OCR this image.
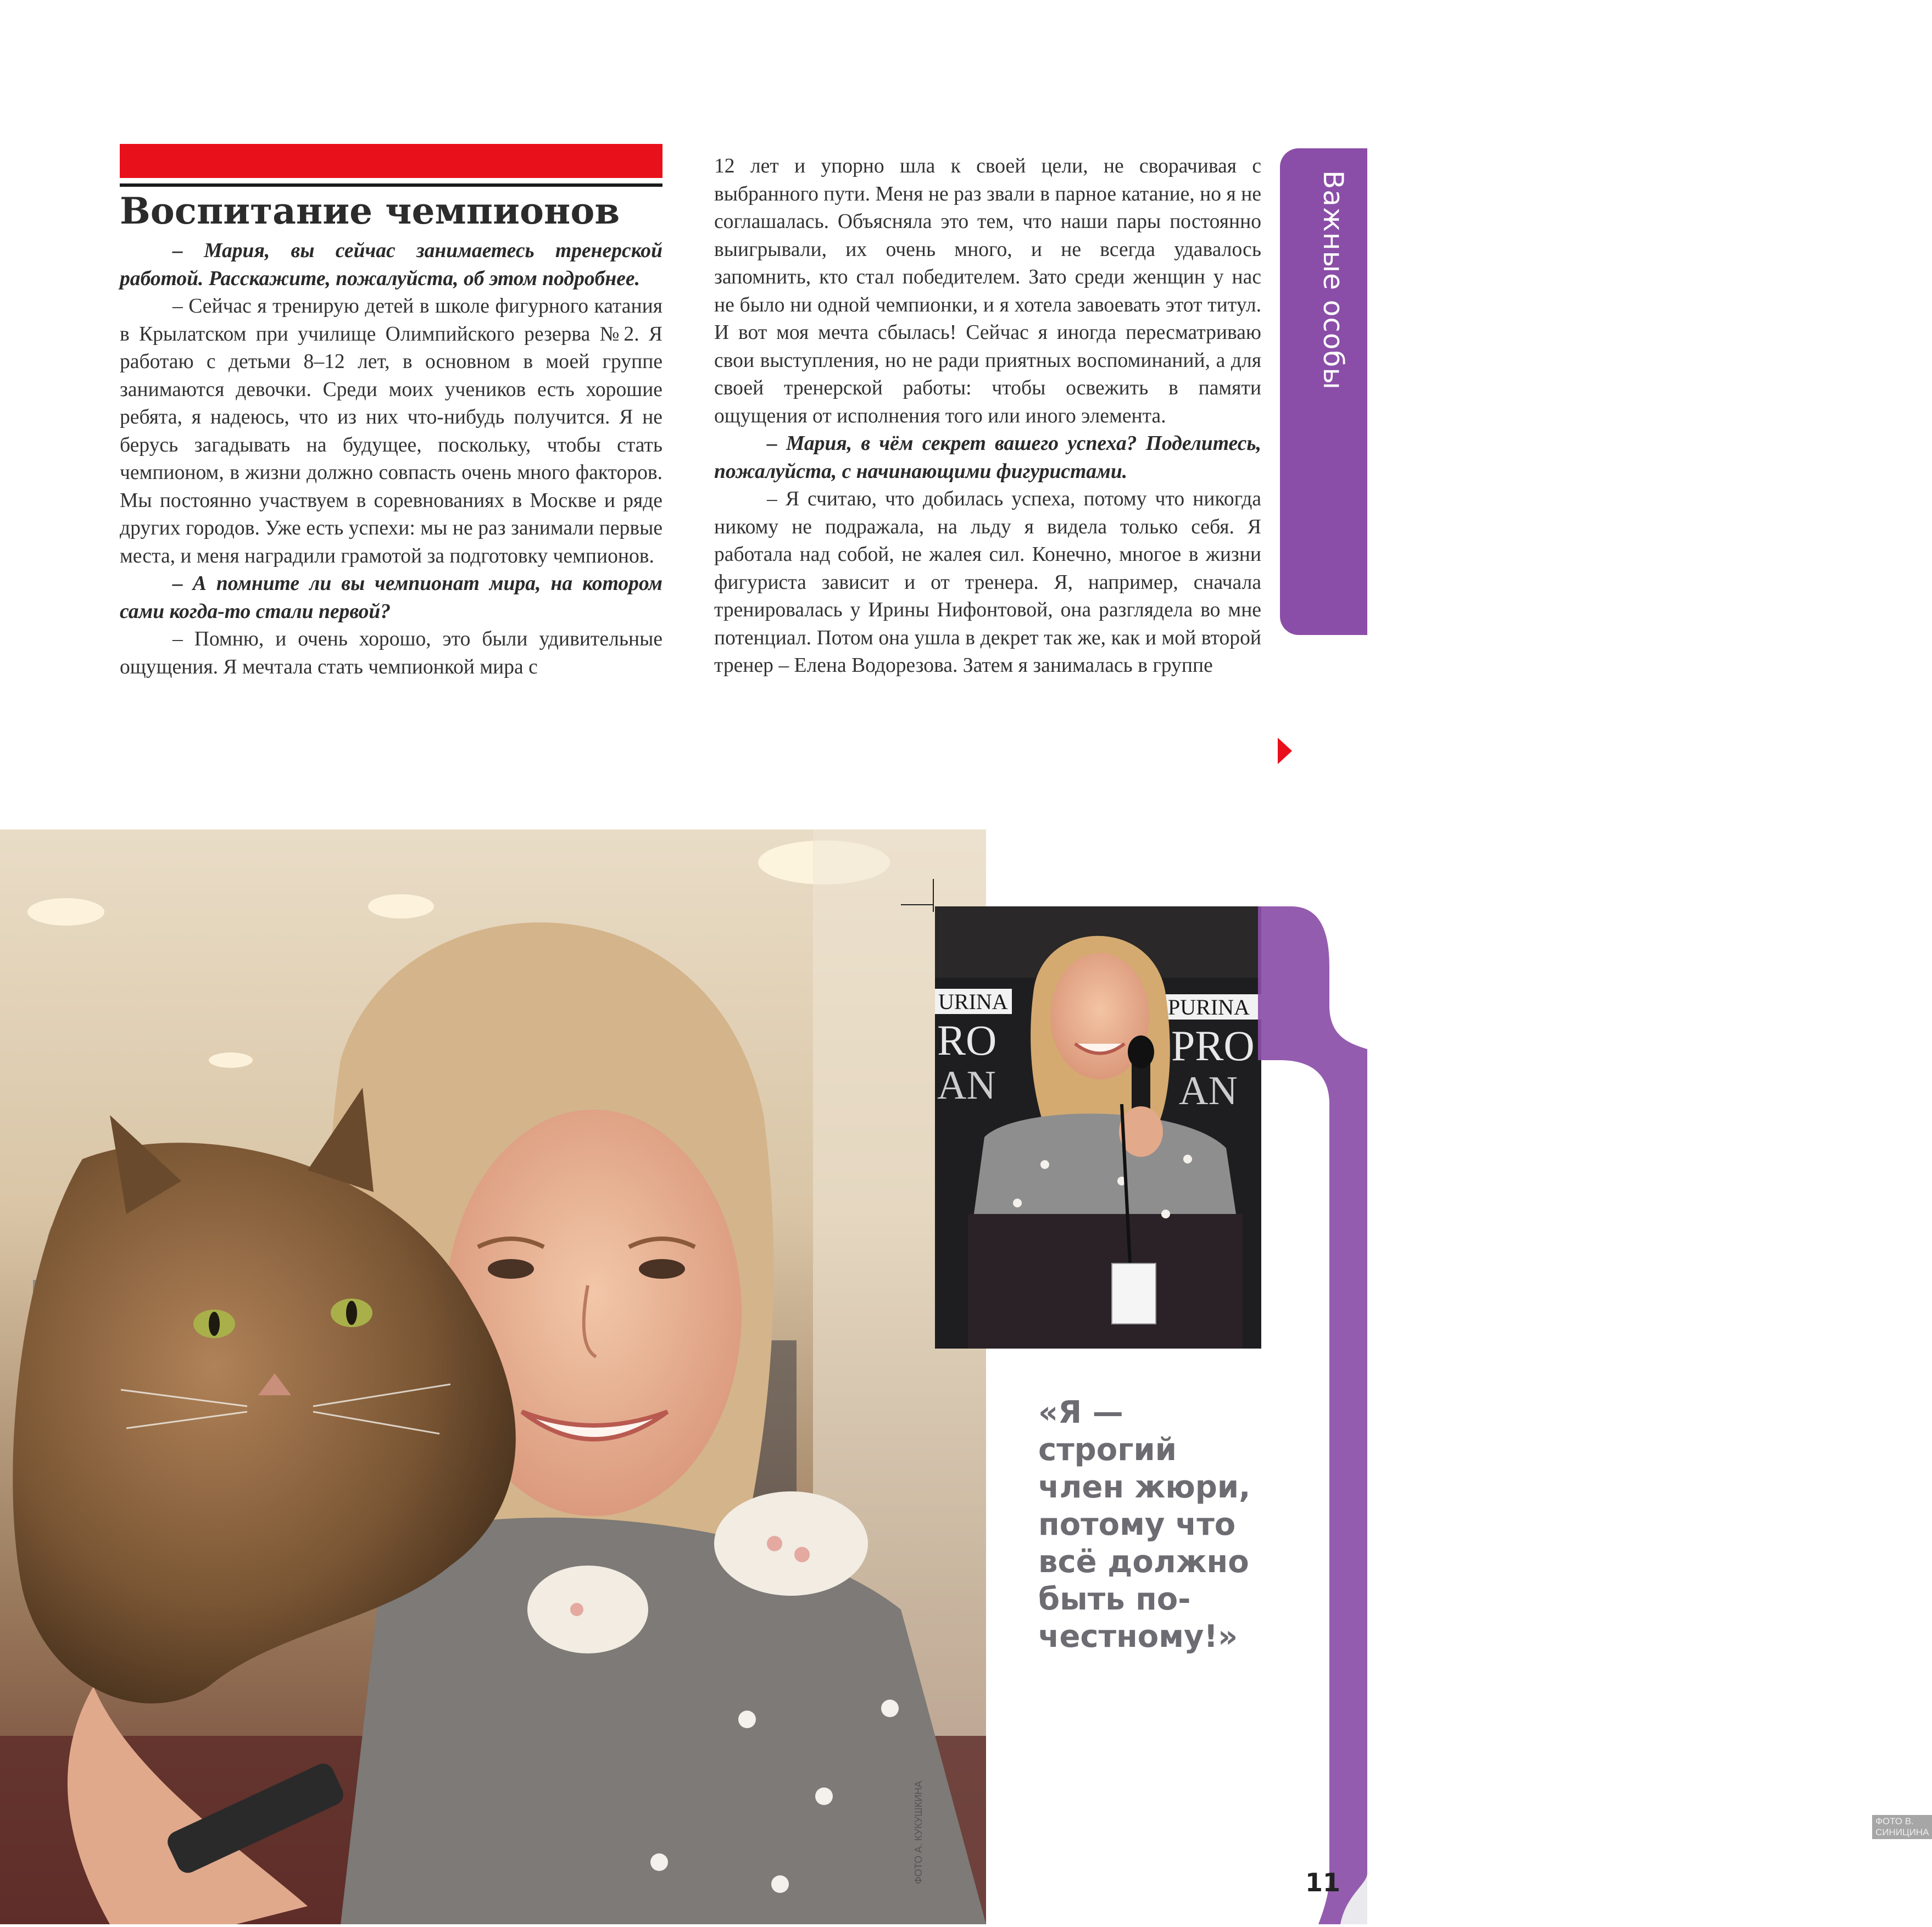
Воспитание чемпионов

– Мария, вы сейчас занимаетесь тренерской работой. Расскажите, пожалуйста, об этом подробнее.

– Сейчас я тренирую детей в школе фигурного катания в Крылатском при училище Олимпийского резерва №2. Я работаю с детьми 8–12 лет, в основном в моей группе занимаются девочки. Среди моих учеников есть хорошие ребята, я надеюсь, что из них что-нибудь получится. Я не берусь загадывать на будущее, поскольку, чтобы стать чемпионом, в жизни должно совпасть очень много факторов. Мы постоянно участвуем в соревнованиях в Москве и ряде других городов. Уже есть успехи: мы не раз занимали первые места, и меня наградили грамотой за подготовку чемпионов.

– А помните ли вы чемпионат мира, на котором сами когда-то стали первой?

– Помню, и очень хорошо, это были удивительные ощущения. Я мечтала стать чемпионкой мира с

12 лет и упорно шла к своей цели, не сворачивая с выбранного пути. Меня не раз звали в парное катание, но я не соглашалась. Объясняла это тем, что наши пары постоянно выигрывали, их очень много, и не всегда удавалось запомнить, кто стал победителем. Зато среди женщин у нас не было ни одной чемпионки, и я хотела завоевать этот титул. И вот моя мечта сбылась! Сейчас я иногда пересматриваю свои выступления, но не ради приятных воспоминаний, а для своей тренерской работы: чтобы освежить в памяти ощущения от исполнения того или иного элемента.

– Мария, в чём секрет вашего успеха? Поделитесь, пожалуйста, с начинающими фигуристами.

– Я считаю, что добилась успеха, потому что никогда никому не подражала, на льду я видела только себя. Я работала над собой, не жалея сил. Конечно, многое в жизни фигуриста зависит и от тренера. Я, например, сначала тренировалась у Ирины Нифонтовой, она разглядела во мне потенциал. Потом она ушла в декрет так же, как и мой второй тренер – Елена Водорезова. Затем я занималась в группе

Важные особы
ФОТО А. КУКУШКИНА
URINA
RO
AN
PURINA
PRO
AN
ФОТО В. СИНИЦИНА

«Я — строгий член жюри, потому что всё должно быть по-честному!»

11
